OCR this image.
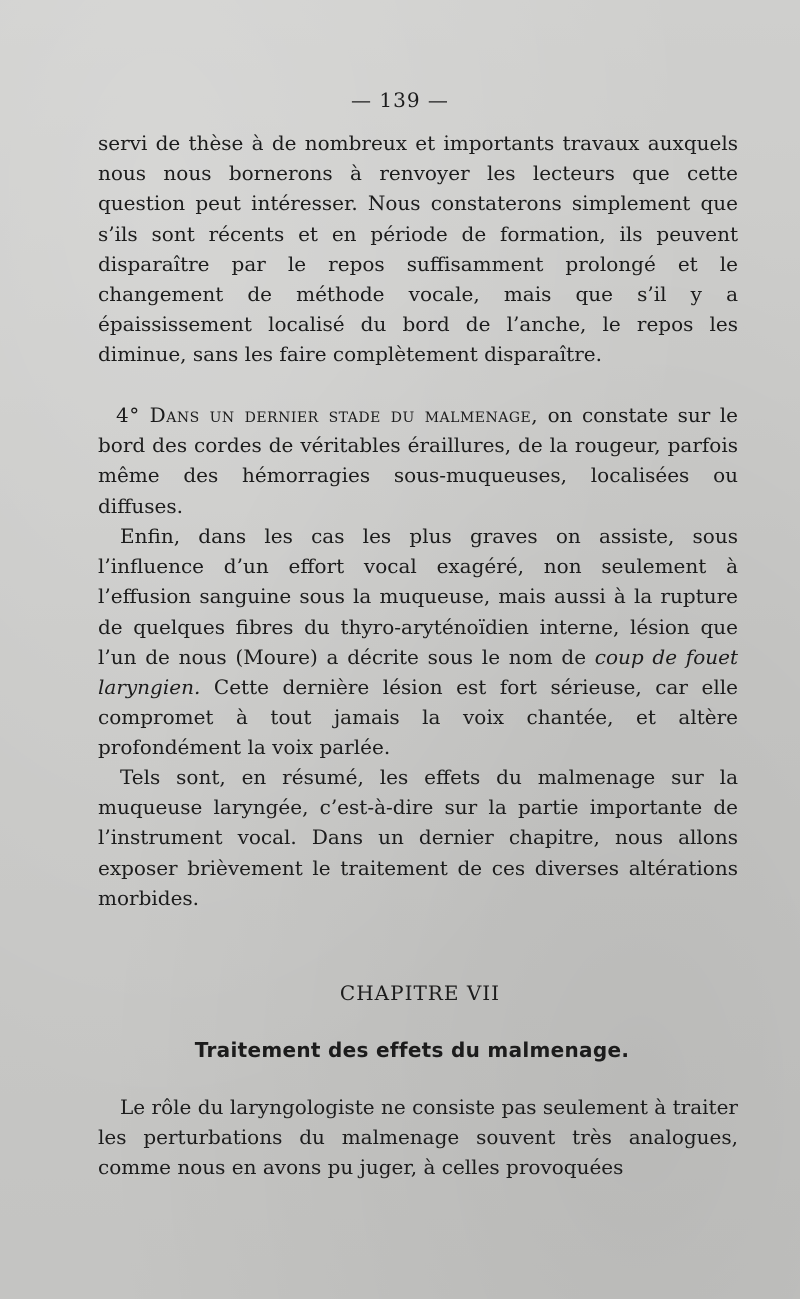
— 139 —

servi de thèse à de nombreux et importants travaux auxquels nous nous bornerons à renvoyer les lecteurs que cette question peut intéresser. Nous constaterons simplement que s’ils sont récents et en période de formation, ils peuvent disparaître par le repos suffisamment prolongé et le changement de méthode vocale, mais que s’il y a épaississement localisé du bord de l’anche, le repos les diminue, sans les faire complètement disparaître.

4° Dans un dernier stade du malmenage, on constate sur le bord des cordes de véritables éraillures, de la rougeur, parfois même des hémorragies sous-muqueuses, localisées ou diffuses.

Enfin, dans les cas les plus graves on assiste, sous l’influence d’un effort vocal exagéré, non seulement à l’effusion sanguine sous la muqueuse, mais aussi à la rupture de quelques fibres du thyro-aryténoïdien interne, lésion que l’un de nous (Moure) a décrite sous le nom de coup de fouet laryngien. Cette dernière lésion est fort sérieuse, car elle compromet à tout jamais la voix chantée, et altère profondément la voix parlée.

Tels sont, en résumé, les effets du malmenage sur la muqueuse laryngée, c’est-à-dire sur la partie importante de l’instrument vocal. Dans un dernier chapitre, nous allons exposer brièvement le traitement de ces diverses altérations morbides.

CHAPITRE VII
Traitement des effets du malmenage.

Le rôle du laryngologiste ne consiste pas seulement à traiter les perturbations du malmenage souvent très analogues, comme nous en avons pu juger, à celles provoquées
